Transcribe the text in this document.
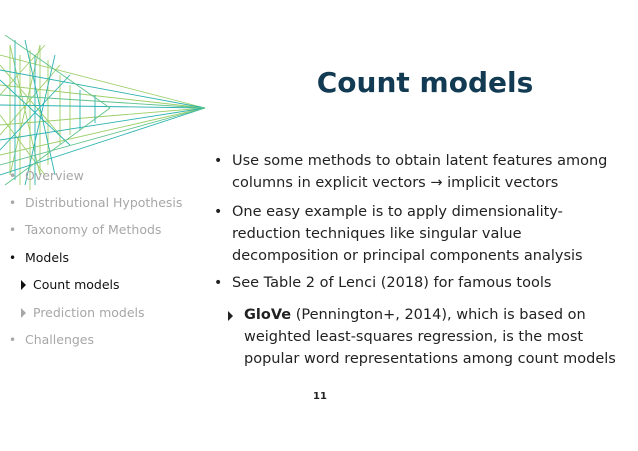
Count models
• Overview
• Distributional Hypothesis
• Taxonomy of Methods
• Models
Count models
Prediction models
• Challenges
• Use some methods to obtain latent features among columns in explicit vectors → implicit vectors
• One easy example is to apply dimensionality-reduction techniques like singular value decomposition or principal components analysis
• See Table 2 of Lenci (2018) for famous tools
GloVe (Pennington+, 2014), which is based on weighted least-squares regression, is the most popular word representations among count models
11
